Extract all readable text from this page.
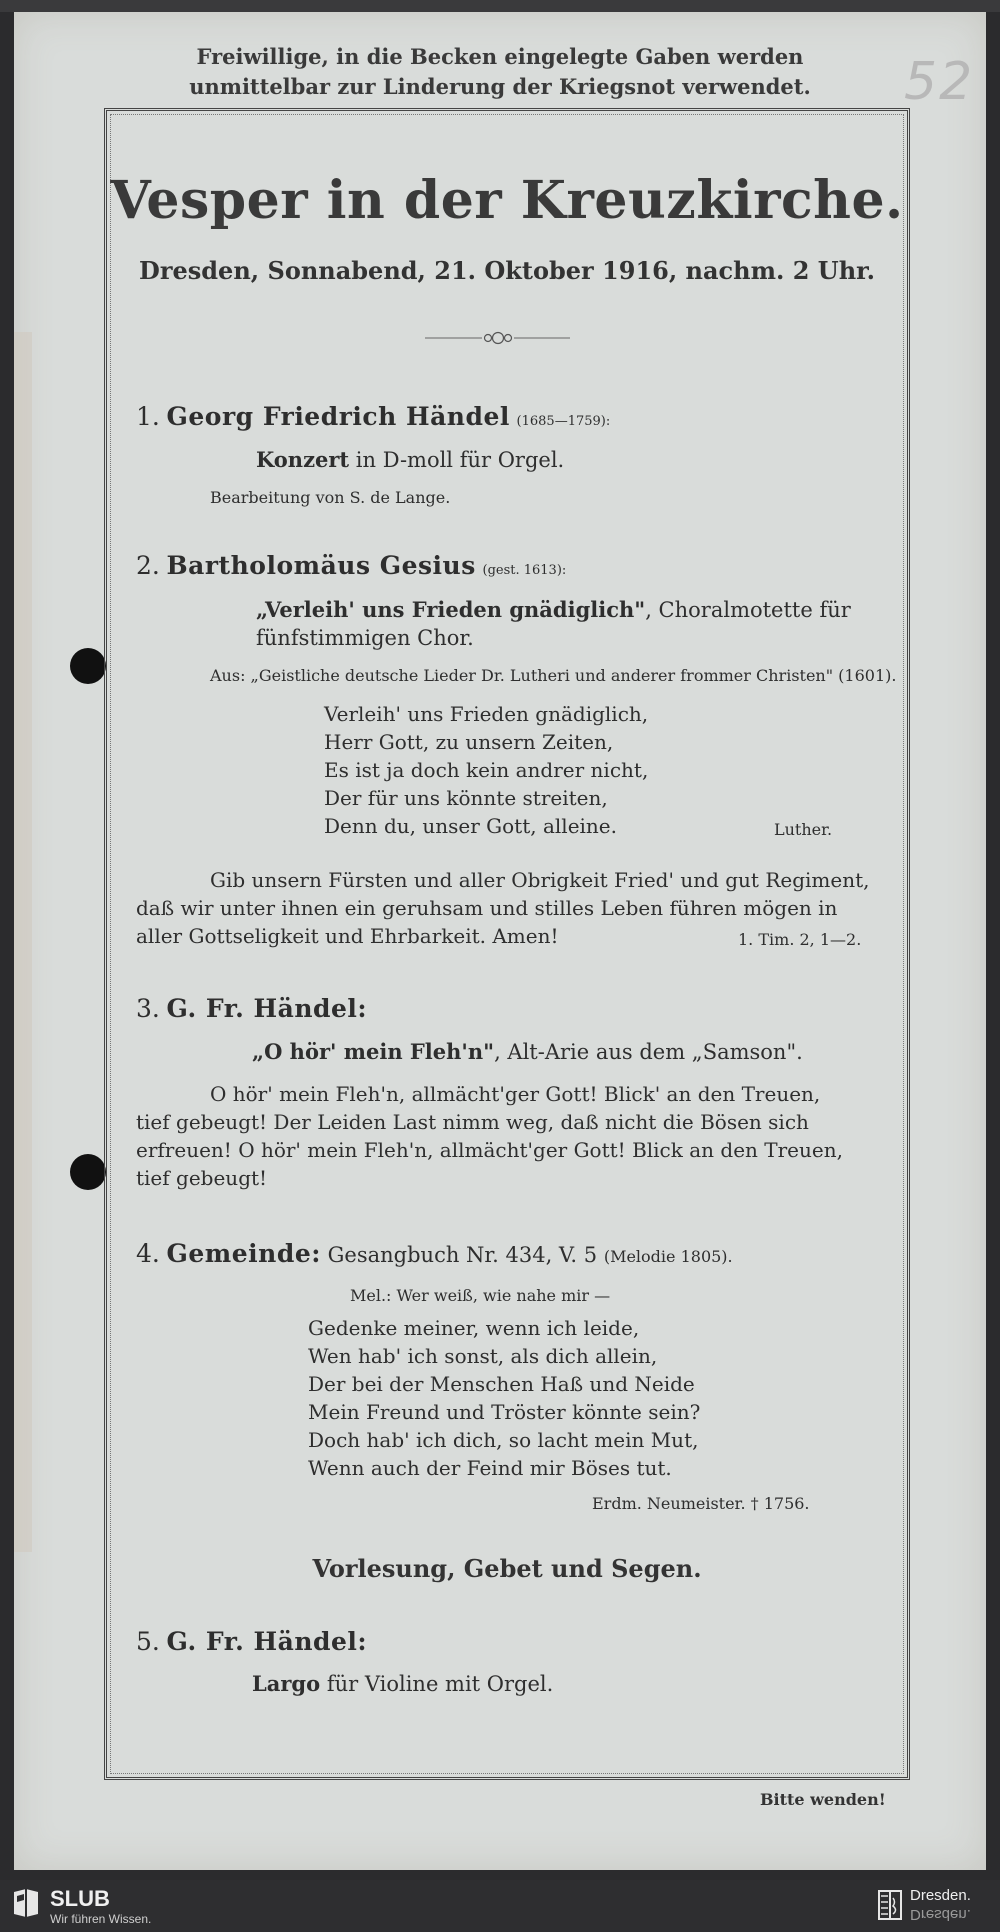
Freiwillige, in die Becken eingelegte Gaben werden
unmittelbar zur Linderung der Kriegsnot verwendet.	52
Vesper in der Kreuzkirche.
Dresden, Sonnabend, 21. Oktober 1916, nachm. 2 Uhr.
1. Georg Friedrich Händel (1685—1759):
Konzert in D-moll für Orgel.
Bearbeitung von S. de Lange.
2. Bartholomäus Gesius (gest. 1613):
„Verleih' uns Frieden gnädiglich", Choralmotette für
fünfstimmigen Chor.
Aus: „Geistliche deutsche Lieder Dr. Lutheri und anderer frommer Christen" (1601).
Verleih' uns Frieden gnädiglich,
Herr Gott, zu unsern Zeiten,
Es ist ja doch kein andrer nicht,
Der für uns könnte streiten,
Denn du, unser Gott, alleine.	Luther.
Gib unsern Fürsten und aller Obrigkeit Fried' und gut Regiment,
daß wir unter ihnen ein geruhsam und stilles Leben führen mögen in
aller Gottseligkeit und Ehrbarkeit. Amen!	1. Tim. 2, 1—2.
3. G. Fr. Händel:
„O hör' mein Fleh'n", Alt-Arie aus dem „Samson".
O hör' mein Fleh'n, allmächt'ger Gott! Blick' an den Treuen,
tief gebeugt! Der Leiden Last nimm weg, daß nicht die Bösen sich
erfreuen! O hör' mein Fleh'n, allmächt'ger Gott! Blick an den Treuen,
tief gebeugt!
4. Gemeinde: Gesangbuch Nr. 434, V. 5 (Melodie 1805).
Mel.: Wer weiß, wie nahe mir —
Gedenke meiner, wenn ich leide,
Wen hab' ich sonst, als dich allein,
Der bei der Menschen Haß und Neide
Mein Freund und Tröster könnte sein?
Doch hab' ich dich, so lacht mein Mut,
Wenn auch der Feind mir Böses tut.
Erdm. Neumeister. † 1756.
Vorlesung, Gebet und Segen.
5. G. Fr. Händel:
Largo für Violine mit Orgel.
Bitte wenden!
SLUB
Wir führen Wissen.
Dresden.
Dresden.
